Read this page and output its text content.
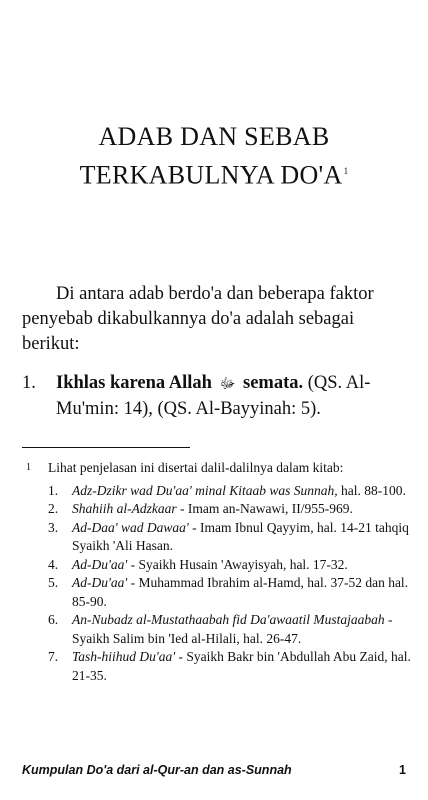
ADAB DAN SEBAB
TERKABULNYA DO'A$^1$

Di antara adab berdo'a dan beberapa faktor penyebab dikabulkannya do'a adalah sebagai berikut:

1. Ikhlas karena Allah ﷻ semata. (QS. Al-Mu'min: 14), (QS. Al-Bayyinah: 5).
1 Lihat penjelasan ini disertai dalil-dalilnya dalam kitab:
1. Adz-Dzikr wad Du'aa' minal Kitaab was Sunnah, hal. 88-100.
2. Shahiih al-Adzkaar - Imam an-Nawawi, II/955-969.
3. Ad-Daa' wad Dawaa' - Imam Ibnul Qayyim, hal. 14-21 tahqiq Syaikh 'Ali Hasan.
4. Ad-Du'aa' - Syaikh Husain 'Awayisyah, hal. 17-32.
5. Ad-Du'aa' - Muhammad Ibrahim al-Hamd, hal. 37-52 dan hal. 85-90.
6. An-Nubadz al-Mustathaabah fid Da'awaatil Mustajaabah - Syaikh Salim bin 'Ied al-Hilali, hal. 26-47.
7. Tash-hiihud Du'aa' - Syaikh Bakr bin 'Abdullah Abu Zaid, hal. 21-35.
Kumpulan Do'a dari al-Qur-an dan as-Sunnah	1
